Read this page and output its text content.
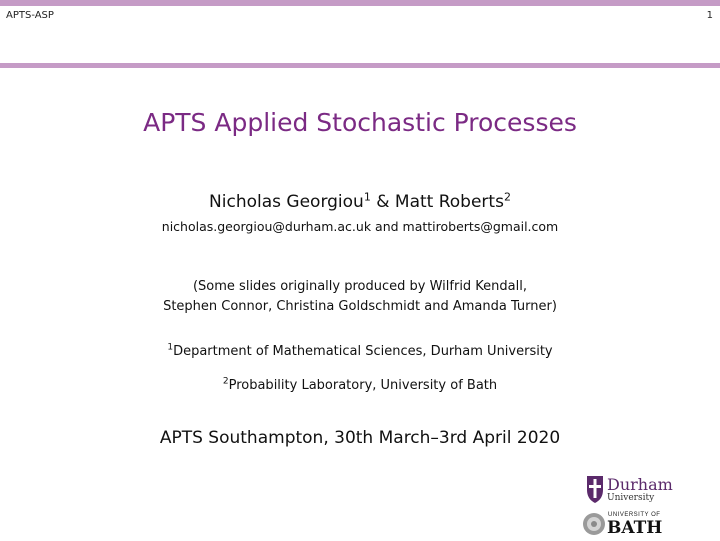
APTS-ASP	1
APTS Applied Stochastic Processes
Nicholas Georgiou$^1$ & Matt Roberts$^2$
nicholas.georgiou@durham.ac.uk and mattiroberts@gmail.com
(Some slides originally produced by Wilfrid Kendall,
Stephen Connor, Christina Goldschmidt and Amanda Turner)
$^1$Department of Mathematical Sciences, Durham University
$^2$Probability Laboratory, University of Bath
APTS Southampton, 30th March–3rd April 2020
Durham
University
UNIVERSITY OF
BATH
